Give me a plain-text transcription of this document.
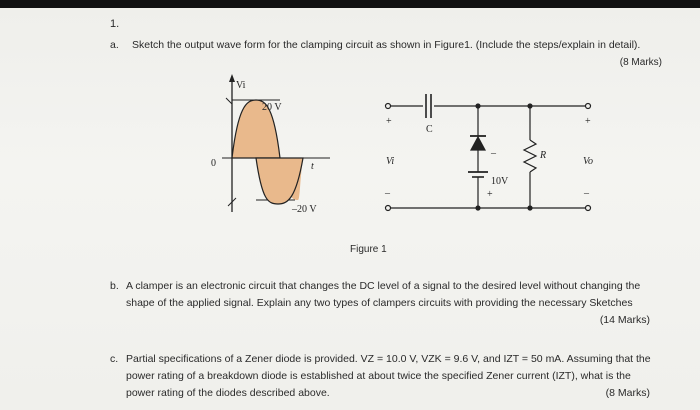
1.
a. Sketch the output wave form for the clamping circuit as shown in Figure1. (Include the steps/explain in detail).
(8 Marks)
Vi
20 V
0	t
–20 V
+
–
Vi
C
–
10V
+
R
+
Vo
–
Figure 1
b. A clamper is an electronic circuit that changes the DC level of a signal to the desired level without changing the shape of the applied signal. Explain any two types of clampers circuits with providing the necessary Sketches
(14 Marks)
c. Partial specifications of a Zener diode is provided. VZ = 10.0 V, VZK = 9.6 V, and IZT = 50 mA. Assuming that the power rating of a breakdown diode is established at about twice the specified Zener current (IZT), what is the power rating of the diodes described above.	(8 Marks)
